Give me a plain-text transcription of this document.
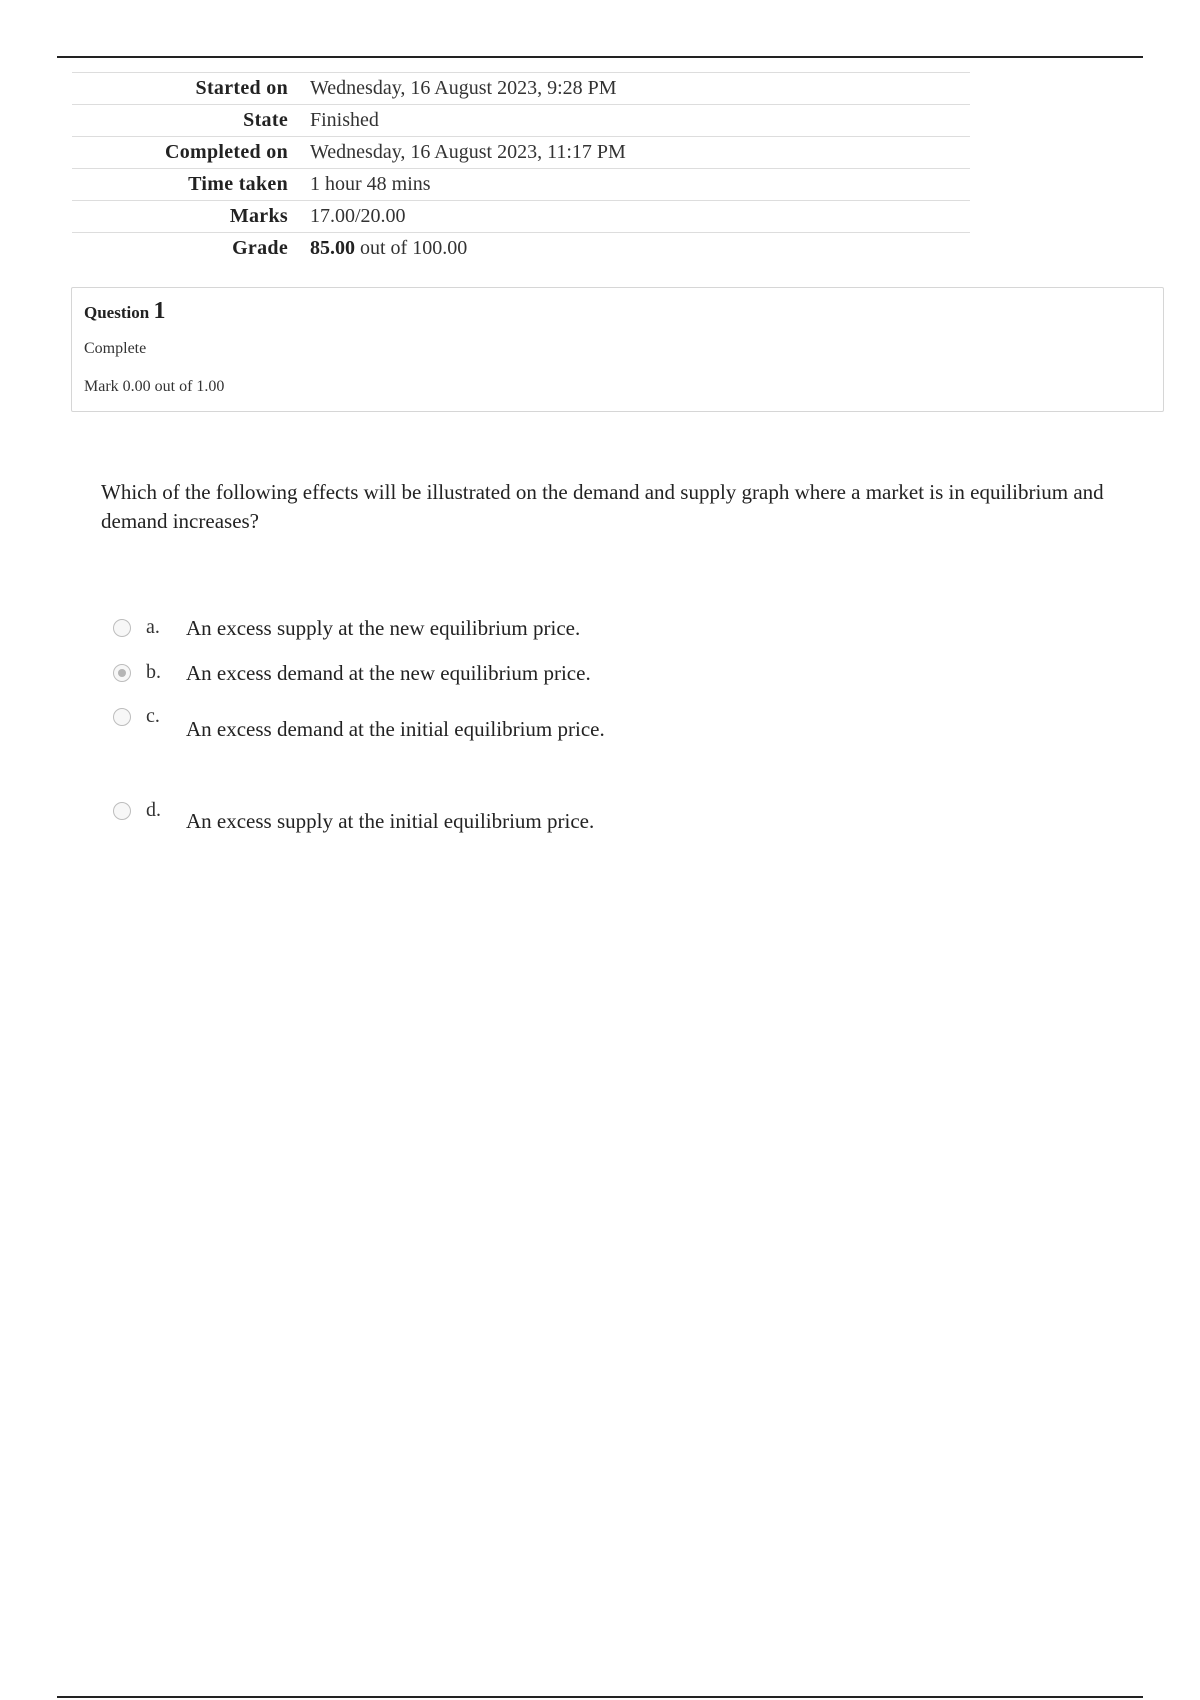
Started on	Wednesday, 16 August 2023, 9:28 PM
State	Finished
Completed on	Wednesday, 16 August 2023, 11:17 PM
Time taken	1 hour 48 mins
Marks	17.00/20.00
Grade	85.00 out of 100.00
Question 1
Complete
Mark 0.00 out of 1.00
Which of the following effects will be illustrated on the demand and supply graph where a market is in equilibrium and demand increases?
a. An excess supply at the new equilibrium price.
b. An excess demand at the new equilibrium price.
c.
An excess demand at the initial equilibrium price.
d. An excess supply at the initial equilibrium price.
